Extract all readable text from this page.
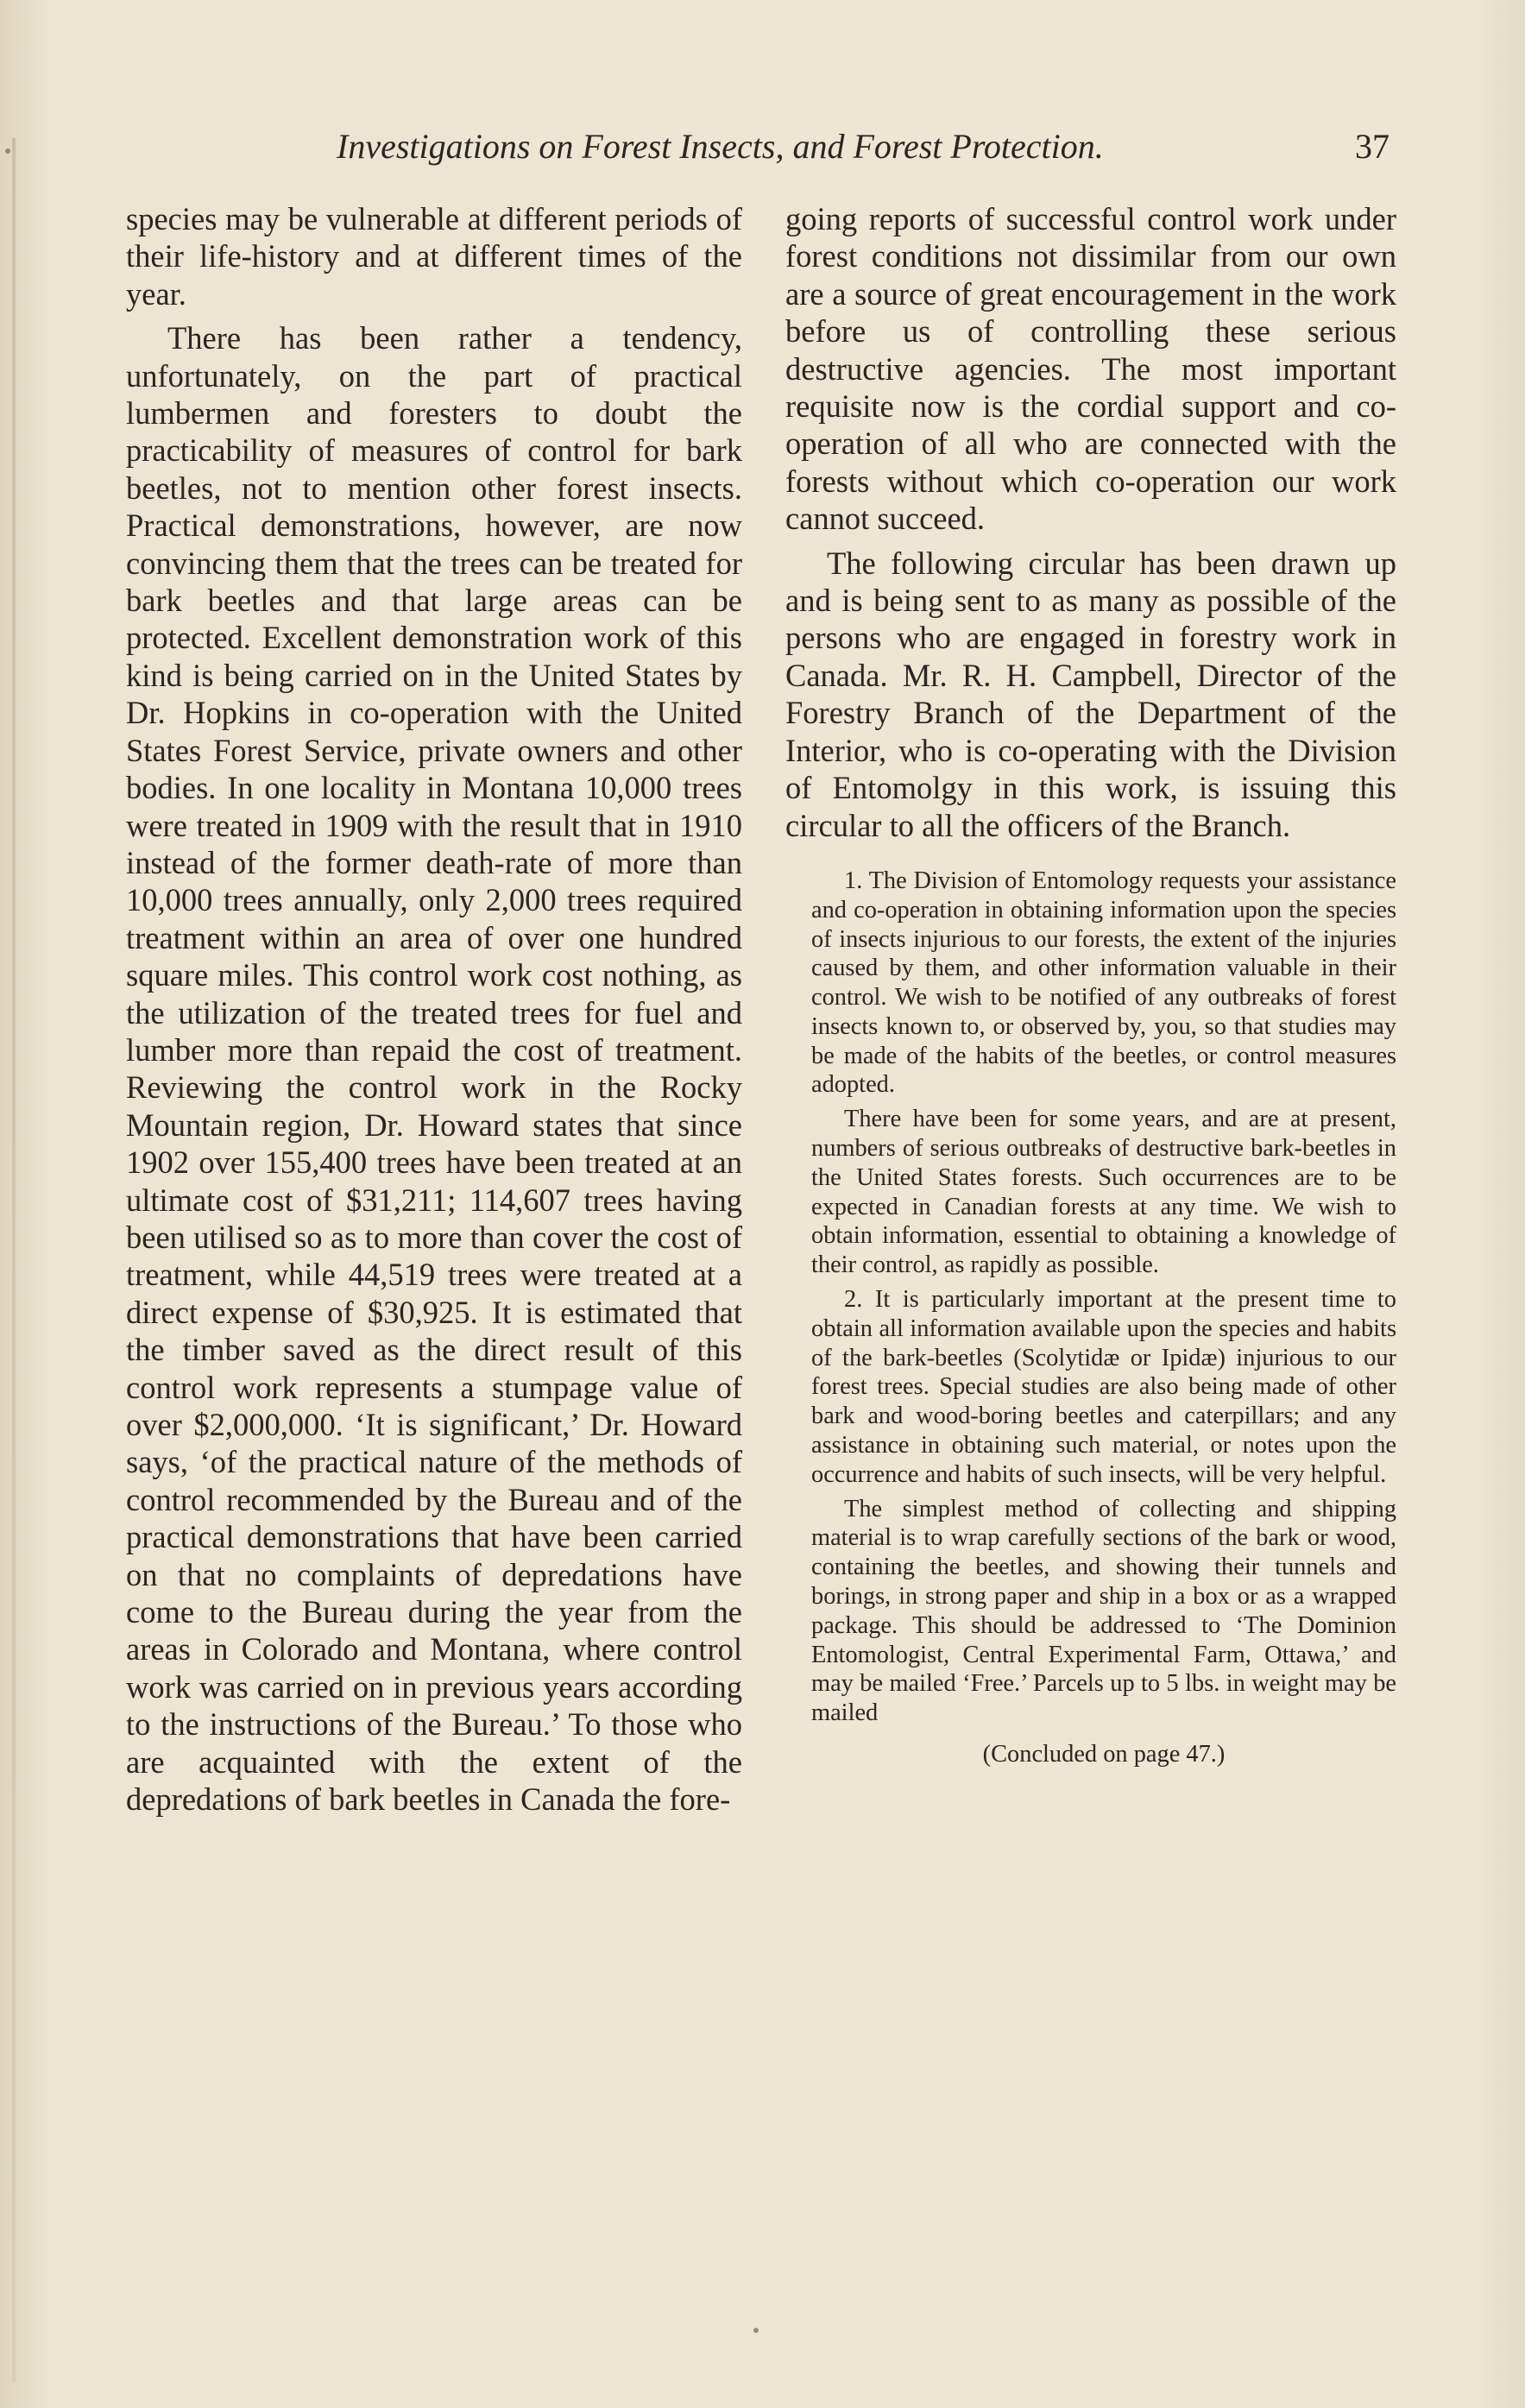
Investigations on Forest Insects, and Forest Protection.	37

species may be vulnerable at different periods of their life-history and at different times of the year.

There has been rather a tendency, unfortunately, on the part of practical lumbermen and foresters to doubt the practicability of measures of control for bark beetles, not to mention other forest insects. Practical demonstrations, however, are now convincing them that the trees can be treated for bark beetles and that large areas can be protected. Excellent demonstration work of this kind is being carried on in the United States by Dr. Hopkins in co-operation with the United States Forest Service, private owners and other bodies. In one locality in Montana 10,000 trees were treated in 1909 with the result that in 1910 instead of the former death-rate of more than 10,000 trees annually, only 2,000 trees required treatment within an area of over one hundred square miles. This control work cost nothing, as the utilization of the treated trees for fuel and lumber more than repaid the cost of treatment. Reviewing the control work in the Rocky Mountain region, Dr. Howard states that since 1902 over 155,400 trees have been treated at an ultimate cost of $31,211; 114,607 trees having been utilised so as to more than cover the cost of treatment, while 44,519 trees were treated at a direct expense of $30,925. It is estimated that the timber saved as the direct result of this control work represents a stumpage value of over $2,000,000. ‘It is significant,’ Dr. Howard says, ‘of the practical nature of the methods of control recommended by the Bureau and of the practical demonstrations that have been carried on that no complaints of depredations have come to the Bureau during the year from the areas in Colorado and Montana, where control work was carried on in previous years according to the instructions of the Bureau.’ To those who are acquainted with the extent of the depredations of bark beetles in Canada the fore-

going reports of successful control work under forest conditions not dissimilar from our own are a source of great encouragement in the work before us of controlling these serious destructive agencies. The most important requisite now is the cordial support and co-operation of all who are connected with the forests without which co-operation our work cannot succeed.

The following circular has been drawn up and is being sent to as many as possible of the persons who are engaged in forestry work in Canada. Mr. R. H. Campbell, Director of the Forestry Branch of the Department of the Interior, who is co-operating with the Division of Entomolgy in this work, is issuing this circular to all the officers of the Branch.

1. The Division of Entomology requests your assistance and co-operation in obtaining information upon the species of insects injurious to our forests, the extent of the injuries caused by them, and other information valuable in their control. We wish to be notified of any outbreaks of forest insects known to, or observed by, you, so that studies may be made of the habits of the beetles, or control measures adopted.

There have been for some years, and are at present, numbers of serious outbreaks of destructive bark-beetles in the United States forests. Such occurrences are to be expected in Canadian forests at any time. We wish to obtain information, essential to obtaining a knowledge of their control, as rapidly as possible.

2. It is particularly important at the present time to obtain all information available upon the species and habits of the bark-beetles (Scolytidæ or Ipidæ) injurious to our forest trees. Special studies are also being made of other bark and wood-boring beetles and caterpillars; and any assistance in obtaining such material, or notes upon the occurrence and habits of such insects, will be very helpful.

The simplest method of collecting and shipping material is to wrap carefully sections of the bark or wood, containing the beetles, and showing their tunnels and borings, in strong paper and ship in a box or as a wrapped package. This should be addressed to ‘The Dominion Entomologist, Central Experimental Farm, Ottawa,’ and may be mailed ‘Free.’ Parcels up to 5 lbs. in weight may be mailed

(Concluded on page 47.)
